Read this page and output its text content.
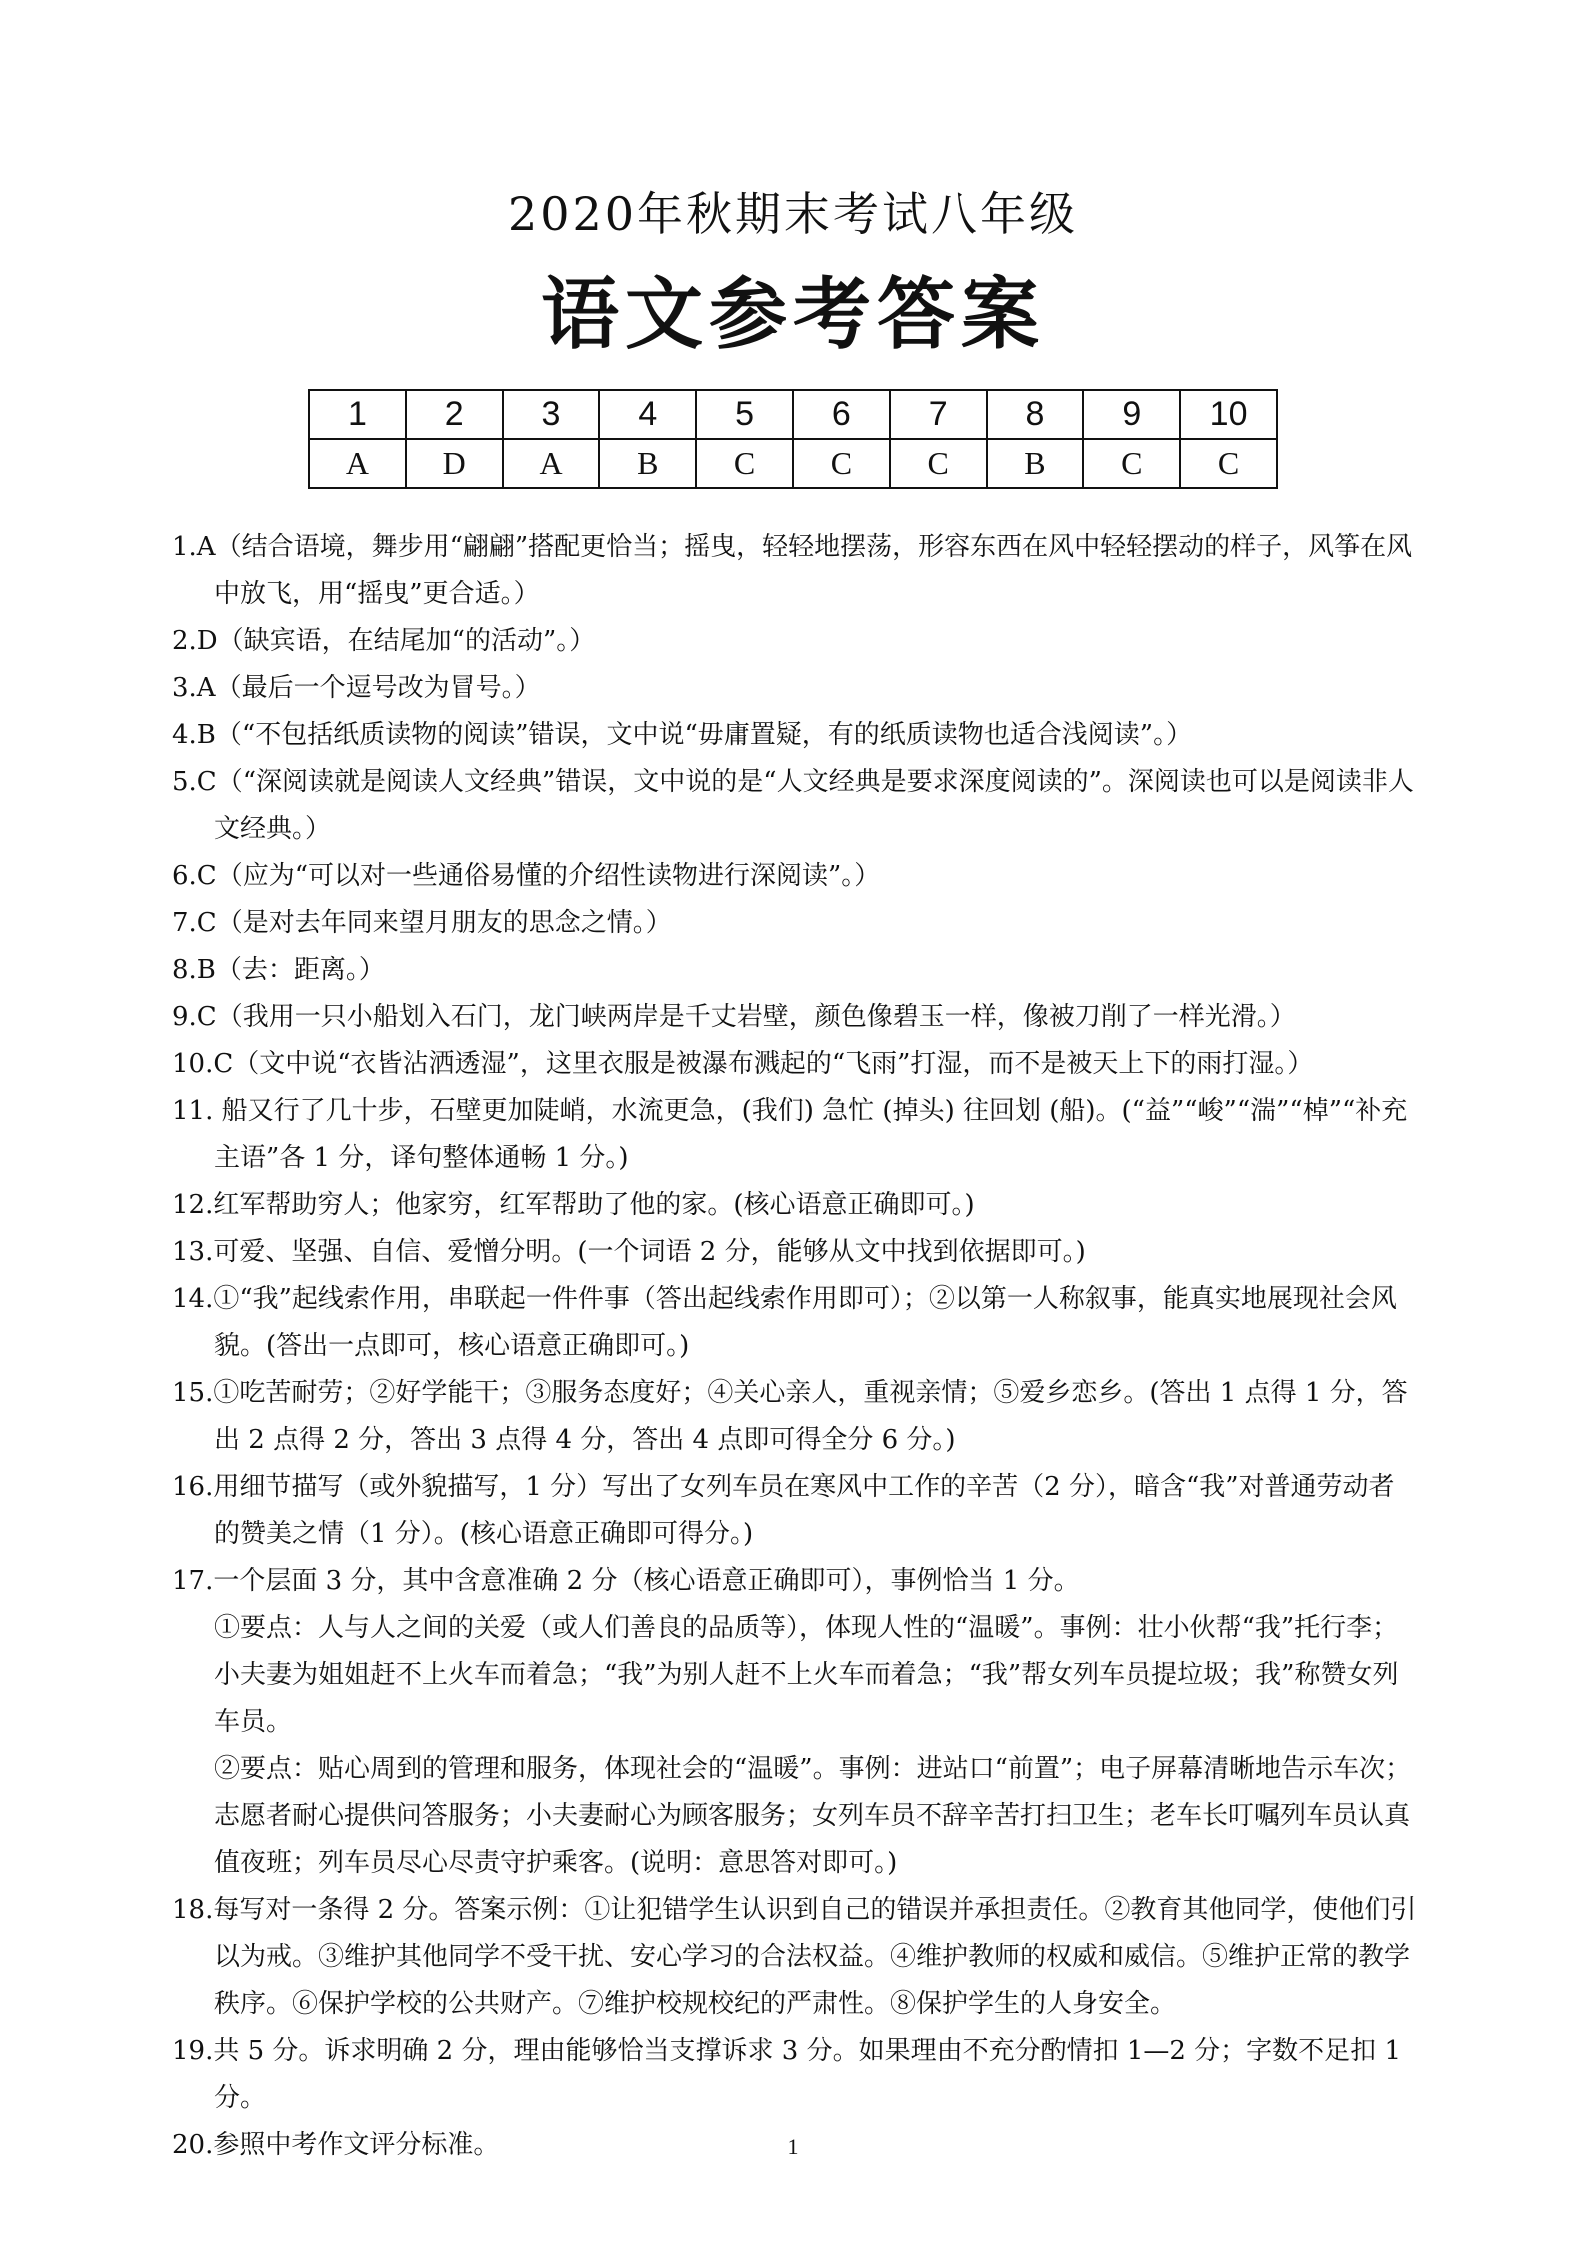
2020年秋期末考试八年级
语文参考答案
1	2	3	4	5	6	7	8	9	10
A	D	A	B	C	C	C	B	C	C

1.A（结合语境，舞步用“翩翩”搭配更恰当；摇曳，轻轻地摆荡，形容东西在风中轻轻摆动的样子，风筝在风中放飞，用“摇曳”更合适。）

2.D（缺宾语，在结尾加“的活动”。）

3.A（最后一个逗号改为冒号。）

4.B（“不包括纸质读物的阅读”错误，文中说“毋庸置疑，有的纸质读物也适合浅阅读”。）

5.C（“深阅读就是阅读人文经典”错误，文中说的是“人文经典是要求深度阅读的”。深阅读也可以是阅读非人文经典。）

6.C（应为“可以对一些通俗易懂的介绍性读物进行深阅读”。）

7.C（是对去年同来望月朋友的思念之情。）

8.B（去：距离。）

9.C（我用一只小船划入石门，龙门峡两岸是千丈岩壁，颜色像碧玉一样，像被刀削了一样光滑。）

10.C（文中说“衣皆沾洒透湿”，这里衣服是被瀑布溅起的“飞雨”打湿，而不是被天上下的雨打湿。）

11. 船又行了几十步，石壁更加陡峭，水流更急，(我们) 急忙 (掉头) 往回划 (船)。(“益”“峻”“湍”“棹”“补充主语”各 1 分，译句整体通畅 1 分。)

12.红军帮助穷人；他家穷，红军帮助了他的家。(核心语意正确即可。)

13.可爱、坚强、自信、爱憎分明。(一个词语 2 分，能够从文中找到依据即可。)

14.①“我”起线索作用，串联起一件件事（答出起线索作用即可）；②以第一人称叙事，能真实地展现社会风貌。(答出一点即可，核心语意正确即可。)

15.①吃苦耐劳；②好学能干；③服务态度好；④关心亲人，重视亲情；⑤爱乡恋乡。(答出 1 点得 1 分，答出 2 点得 2 分，答出 3 点得 4 分，答出 4 点即可得全分 6 分。)

16.用细节描写（或外貌描写，1 分）写出了女列车员在寒风中工作的辛苦（2 分），暗含“我”对普通劳动者的赞美之情（1 分）。(核心语意正确即可得分。)

17.一个层面 3 分，其中含意准确 2 分（核心语意正确即可），事例恰当 1 分。

①要点：人与人之间的关爱（或人们善良的品质等），体现人性的“温暖”。事例：壮小伙帮“我”托行李；小夫妻为姐姐赶不上火车而着急；“我”为别人赶不上火车而着急；“我”帮女列车员提垃圾；我”称赞女列车员。

②要点：贴心周到的管理和服务，体现社会的“温暖”。事例：进站口“前置”；电子屏幕清晰地告示车次；志愿者耐心提供问答服务；小夫妻耐心为顾客服务；女列车员不辞辛苦打扫卫生；老车长叮嘱列车员认真值夜班；列车员尽心尽责守护乘客。(说明：意思答对即可。)

18.每写对一条得 2 分。答案示例：①让犯错学生认识到自己的错误并承担责任。②教育其他同学，使他们引以为戒。③维护其他同学不受干扰、安心学习的合法权益。④维护教师的权威和威信。⑤维护正常的教学秩序。⑥保护学校的公共财产。⑦维护校规校纪的严肃性。⑧保护学生的人身安全。

19.共 5 分。诉求明确 2 分，理由能够恰当支撑诉求 3 分。如果理由不充分酌情扣 1—2 分；字数不足扣 1 分。

20.参照中考作文评分标准。	1
